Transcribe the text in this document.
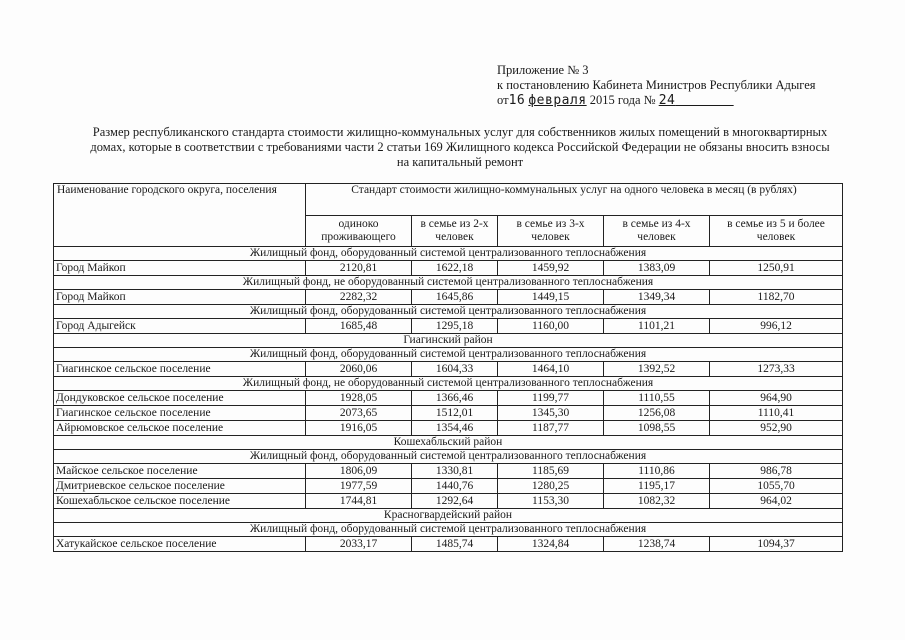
Приложение № 3
к постановлению Кабинета Министров Республики Адыгея
от16 февраля 2015 года № 24
Размер республиканского стандарта стоимости жилищно-коммунальных услуг для собственников жилых помещений в многоквартирных домах, которые в соответствии с требованиями части 2 статьи 169 Жилищного кодекса Российской Федерации не обязаны вносить взносы на капитальный ремонт
Наименование городского округа, поселения	Стандарт стоимости жилищно-коммунальных услуг на одного человека в месяц (в рублях)				
	одиноко проживающего	в семье из 2-х человек	в семье из 3-х человек	в семье из 4-х человек	в семье из 5 и более человек
Жилищный фонд, оборудованный системой централизованного теплоснабжения					
Город Майкоп	2120,81	1622,18	1459,92	1383,09	1250,91
Жилищный фонд, не оборудованный системой централизованного теплоснабжения					
Город Майкоп	2282,32	1645,86	1449,15	1349,34	1182,70
Жилищный фонд, оборудованный системой централизованного теплоснабжения					
Город Адыгейск	1685,48	1295,18	1160,00	1101,21	996,12
Гиагинский район					
Жилищный фонд, оборудованный системой централизованного теплоснабжения					
Гиагинское сельское поселение	2060,06	1604,33	1464,10	1392,52	1273,33
Жилищный фонд, не оборудованный системой централизованного теплоснабжения					
Дондуковское сельское поселение	1928,05	1366,46	1199,77	1110,55	964,90
Гиагинское сельское поселение	2073,65	1512,01	1345,30	1256,08	1110,41
Айрюмовское сельское поселение	1916,05	1354,46	1187,77	1098,55	952,90
Кошехабльский район					
Жилищный фонд, оборудованный системой централизованного теплоснабжения					
Майское сельское поселение	1806,09	1330,81	1185,69	1110,86	986,78
Дмитриевское сельское поселение	1977,59	1440,76	1280,25	1195,17	1055,70
Кошехабльское сельское поселение	1744,81	1292,64	1153,30	1082,32	964,02
Красногвардейский район					
Жилищный фонд, оборудованный системой централизованного теплоснабжения					
Хатукайское сельское поселение	2033,17	1485,74	1324,84	1238,74	1094,37
